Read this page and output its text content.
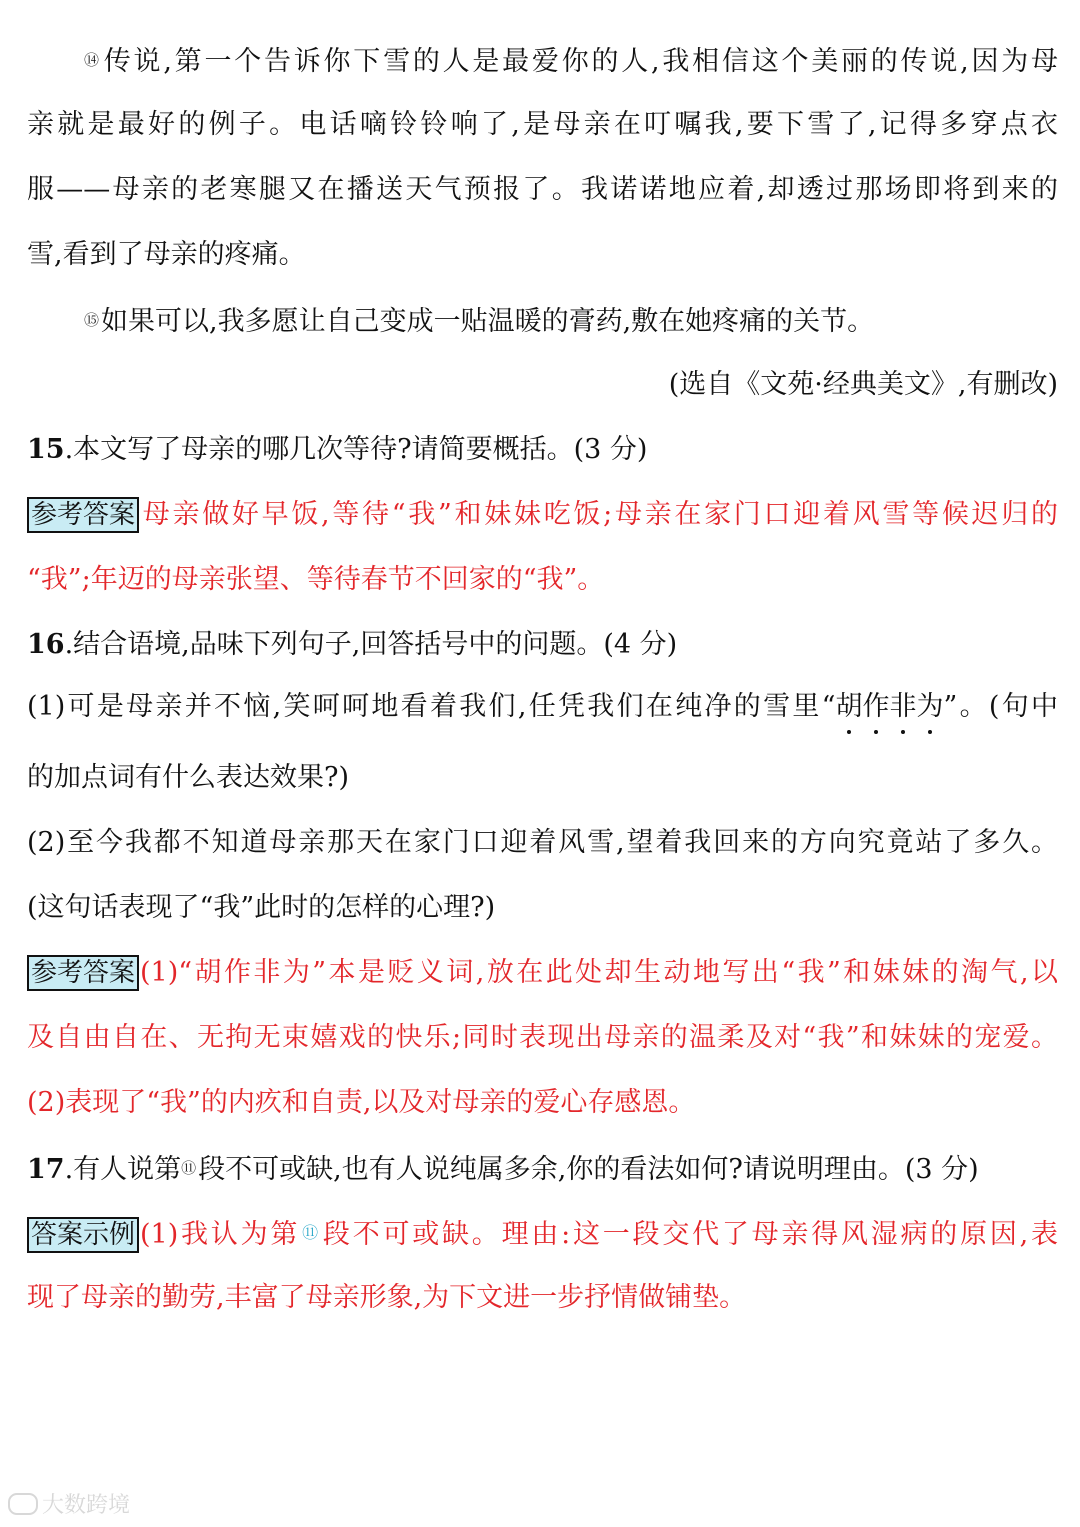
⑭传说,第一个告诉你下雪的人是最爱你的人,我相信这个美丽的传说,因为母
亲就是最好的例子。电话嘀铃铃响了,是母亲在叮嘱我,要下雪了,记得多穿点衣
服——母亲的老寒腿又在播送天气预报了。我诺诺地应着,却透过那场即将到来的
雪,看到了母亲的疼痛。
⑮如果可以,我多愿让自己变成一贴温暖的膏药,敷在她疼痛的关节。
(选自《文苑·经典美文》,有删改)
15.本文写了母亲的哪几次等待?请简要概括。(3 分)
参考答案 母亲做好早饭,等待“我”和妹妹吃饭;母亲在家门口迎着风雪等候迟归的
“我”;年迈的母亲张望、等待春节不回家的“我”。
16.结合语境,品味下列句子,回答括号中的问题。(4 分)
(1)可是母亲并不恼,笑呵呵地看着我们,任凭我们在纯净的雪里“胡作非为”。(句中
的加点词有什么表达效果?)
(2)至今我都不知道母亲那天在家门口迎着风雪,望着我回来的方向究竟站了多久。
(这句话表现了“我”此时的怎样的心理?)
参考答案 (1)“胡作非为”本是贬义词,放在此处却生动地写出“我”和妹妹的淘气,以
及自由自在、无拘无束嬉戏的快乐;同时表现出母亲的温柔及对“我”和妹妹的宠爱。
(2)表现了“我”的内疚和自责,以及对母亲的爱心存感恩。
17.有人说第⑪段不可或缺,也有人说纯属多余,你的看法如何?请说明理由。(3 分)
答案示例 (1)我认为第 ⑪段不可或缺。理由:这一段交代了母亲得风湿病的原因,表
现了母亲的勤劳,丰富了母亲形象,为下文进一步抒情做铺垫。
大数跨境
